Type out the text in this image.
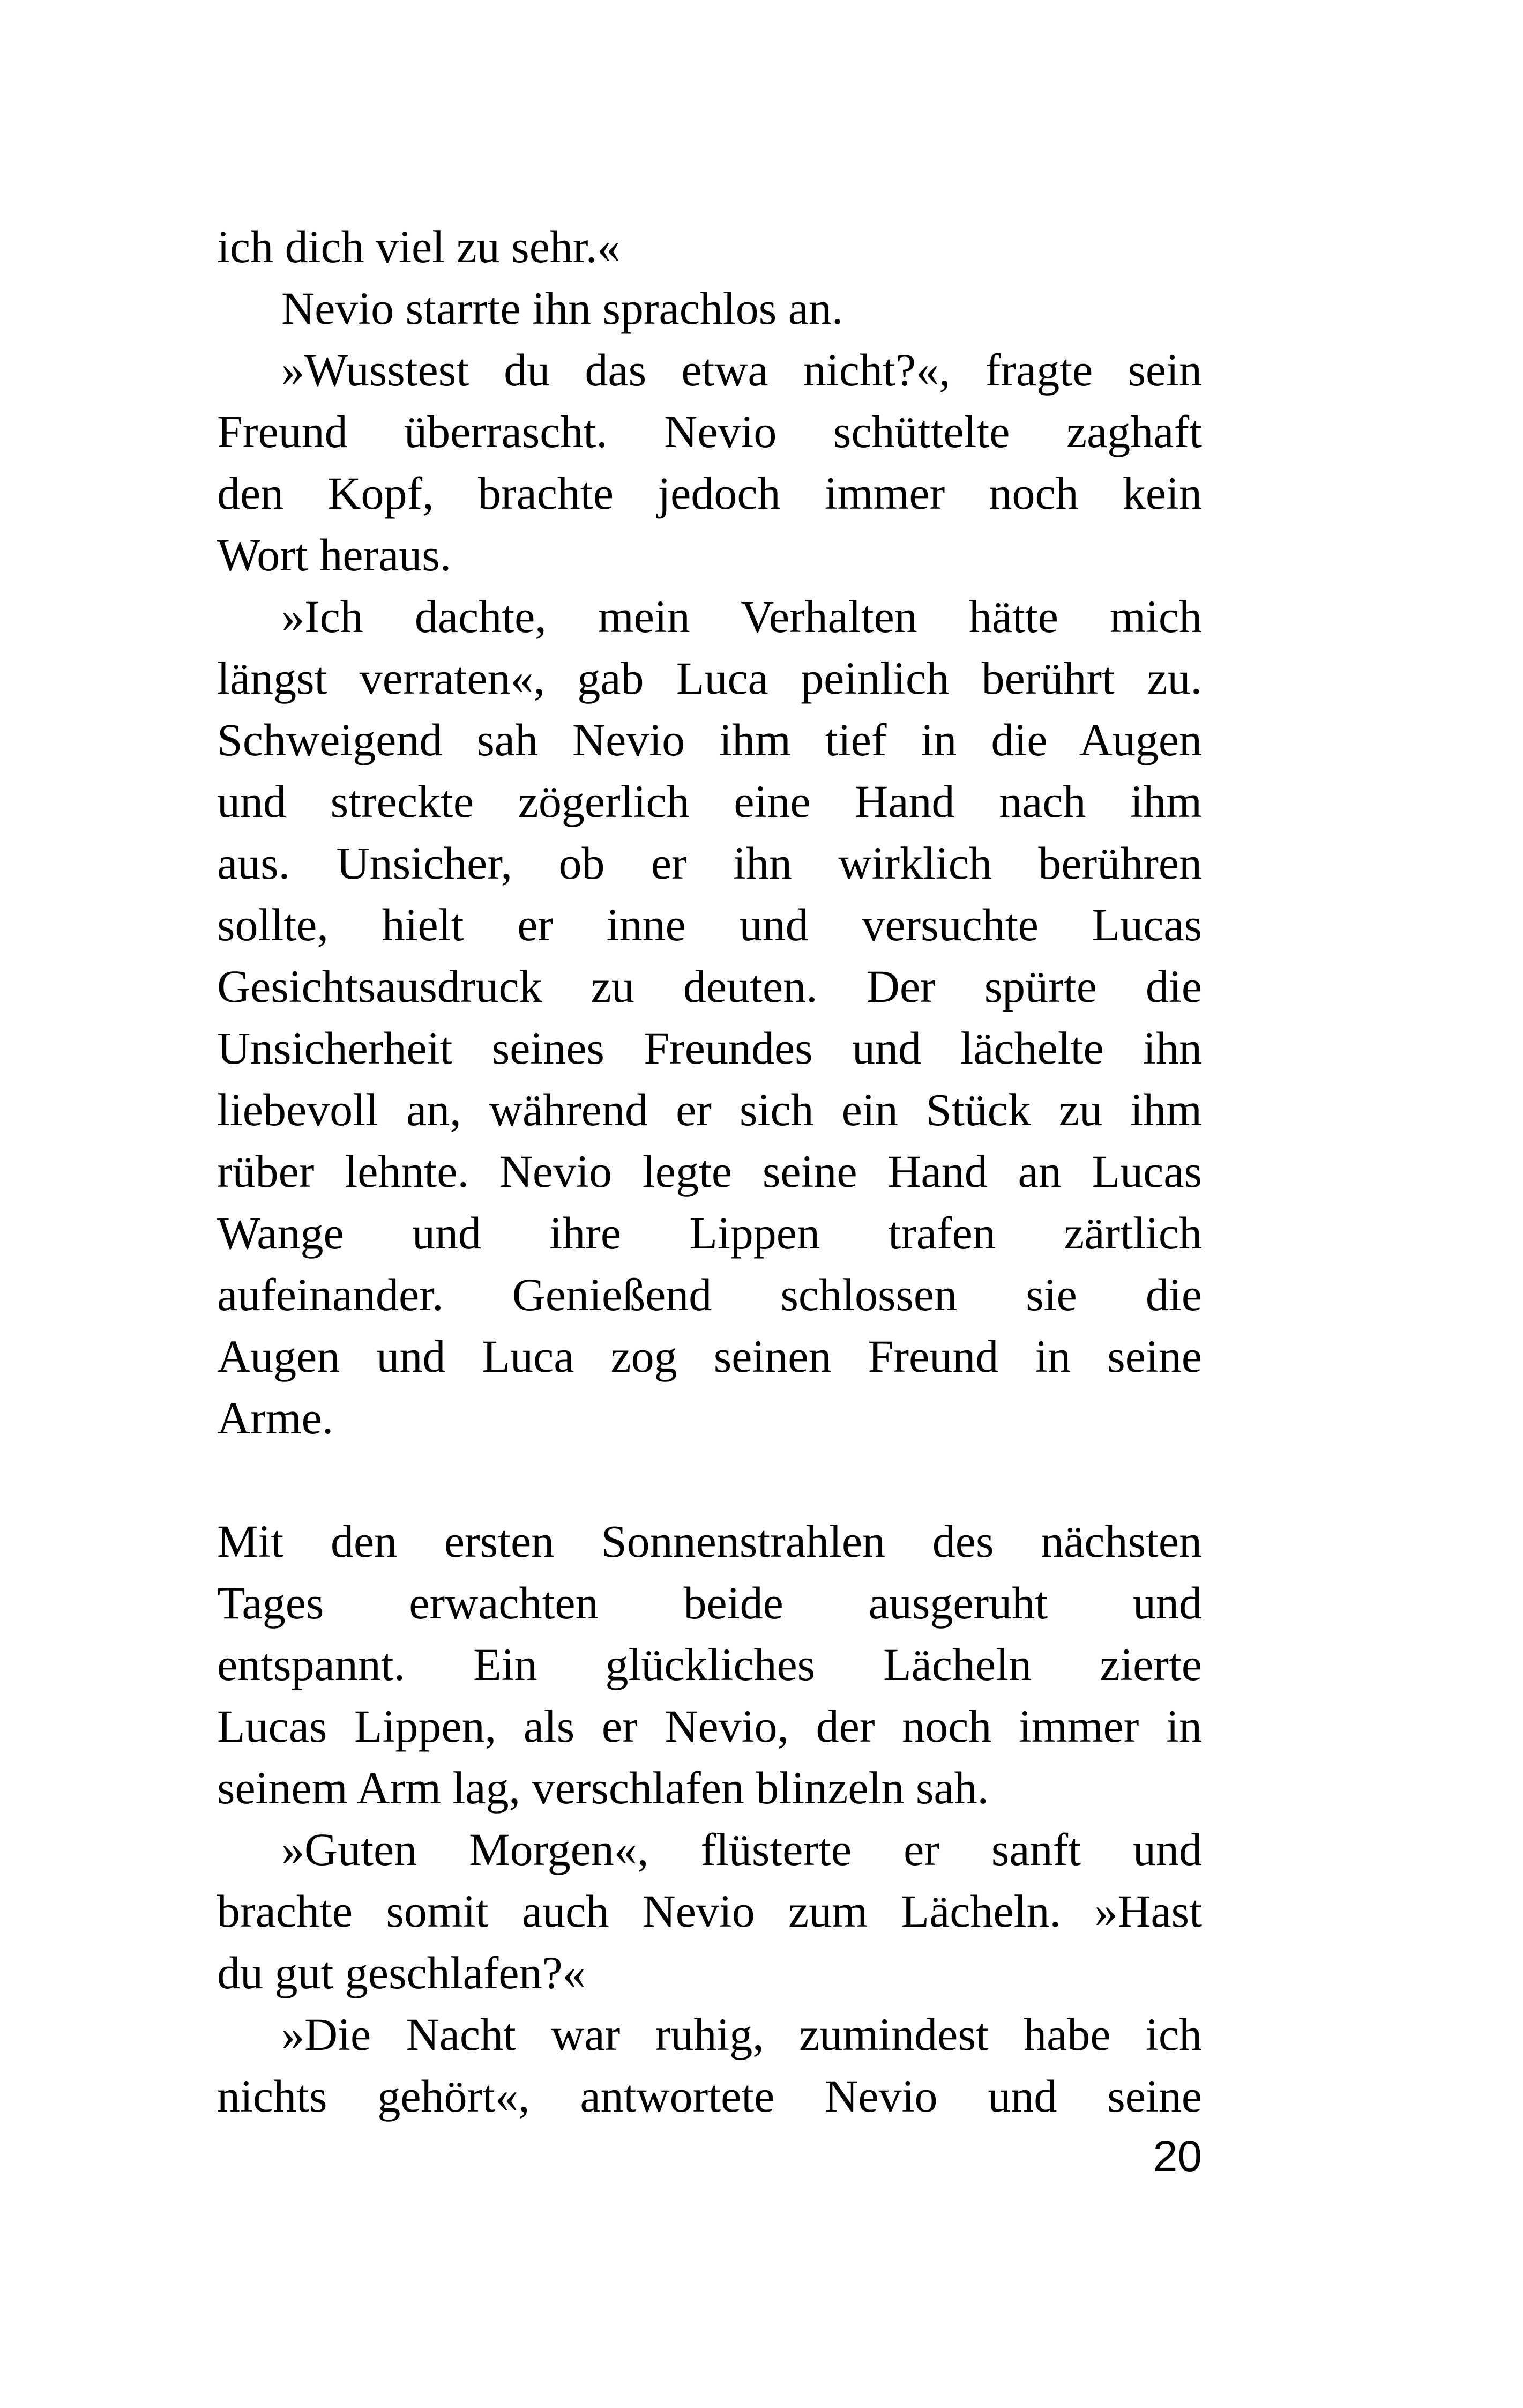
ich dich viel zu sehr.«
Nevio starrte ihn sprachlos an.
»Wusstest du das etwa nicht?«, fragte sein
Freund überrascht. Nevio schüttelte zaghaft
den Kopf, brachte jedoch immer noch kein
Wort heraus.
»Ich dachte, mein Verhalten hätte mich
längst verraten«, gab Luca peinlich berührt zu.
Schweigend sah Nevio ihm tief in die Augen
und streckte zögerlich eine Hand nach ihm
aus. Unsicher, ob er ihn wirklich berühren
sollte, hielt er inne und versuchte Lucas
Gesichtsausdruck zu deuten. Der spürte die
Unsicherheit seines Freundes und lächelte ihn
liebevoll an, während er sich ein Stück zu ihm
rüber lehnte. Nevio legte seine Hand an Lucas
Wange und ihre Lippen trafen zärtlich
aufeinander. Genießend schlossen sie die
Augen und Luca zog seinen Freund in seine
Arme.
Mit den ersten Sonnenstrahlen des nächsten
Tages erwachten beide ausgeruht und
entspannt. Ein glückliches Lächeln zierte
Lucas Lippen, als er Nevio, der noch immer in
seinem Arm lag, verschlafen blinzeln sah.
»Guten Morgen«, flüsterte er sanft und
brachte somit auch Nevio zum Lächeln. »Hast
du gut geschlafen?«
»Die Nacht war ruhig, zumindest habe ich
nichts gehört«, antwortete Nevio und seine
20
